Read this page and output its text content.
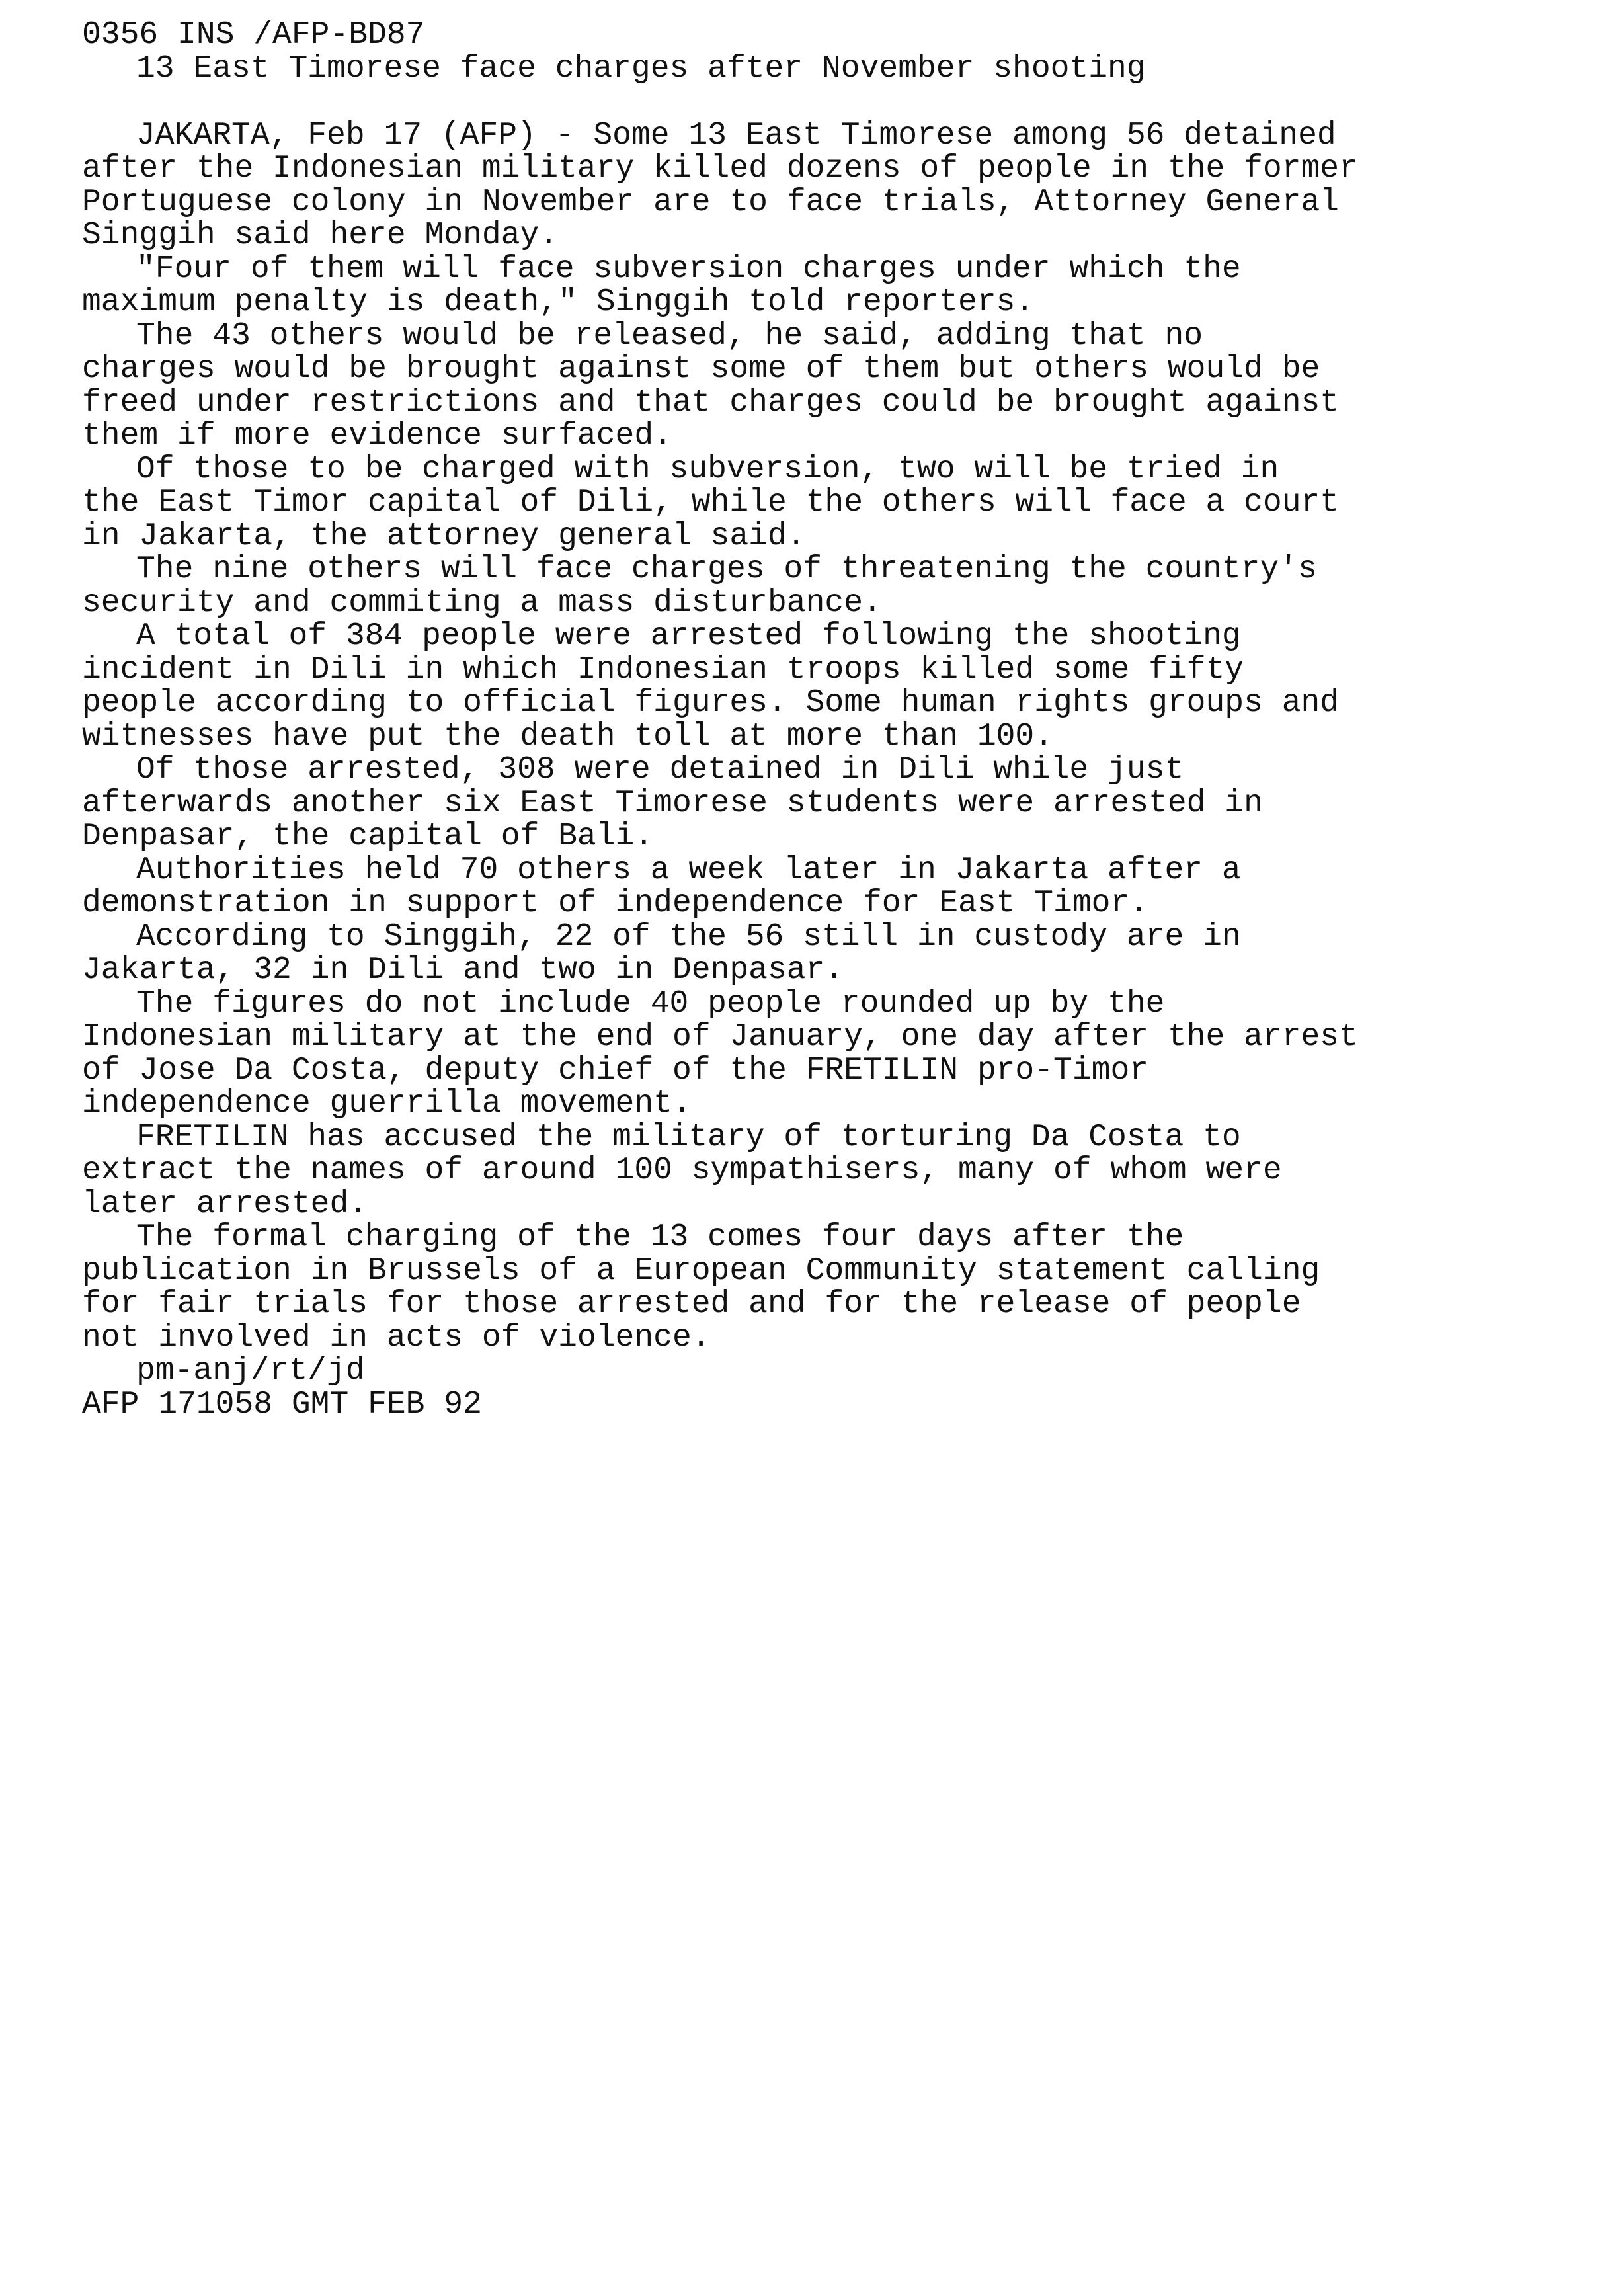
0356 INS /AFP-BD87
13 East Timorese face charges after November shooting
JAKARTA, Feb 17 (AFP) - Some 13 East Timorese among 56 detained
after the Indonesian military killed dozens of people in the former
Portuguese colony in November are to face trials, Attorney General
Singgih said here Monday.
"Four of them will face subversion charges under which the
maximum penalty is death," Singgih told reporters.
The 43 others would be released, he said, adding that no
charges would be brought against some of them but others would be
freed under restrictions and that charges could be brought against
them if more evidence surfaced.
Of those to be charged with subversion, two will be tried in
the East Timor capital of Dili, while the others will face a court
in Jakarta, the attorney general said.
The nine others will face charges of threatening the country's
security and commiting a mass disturbance.
A total of 384 people were arrested following the shooting
incident in Dili in which Indonesian troops killed some fifty
people according to official figures. Some human rights groups and
witnesses have put the death toll at more than 100.
Of those arrested, 308 were detained in Dili while just
afterwards another six East Timorese students were arrested in
Denpasar, the capital of Bali.
Authorities held 70 others a week later in Jakarta after a
demonstration in support of independence for East Timor.
According to Singgih, 22 of the 56 still in custody are in
Jakarta, 32 in Dili and two in Denpasar.
The figures do not include 40 people rounded up by the
Indonesian military at the end of January, one day after the arrest
of Jose Da Costa, deputy chief of the FRETILIN pro-Timor
independence guerrilla movement.
FRETILIN has accused the military of torturing Da Costa to
extract the names of around 100 sympathisers, many of whom were
later arrested.
The formal charging of the 13 comes four days after the
publication in Brussels of a European Community statement calling
for fair trials for those arrested and for the release of people
not involved in acts of violence.
pm-anj/rt/jd
AFP 171058 GMT FEB 92
